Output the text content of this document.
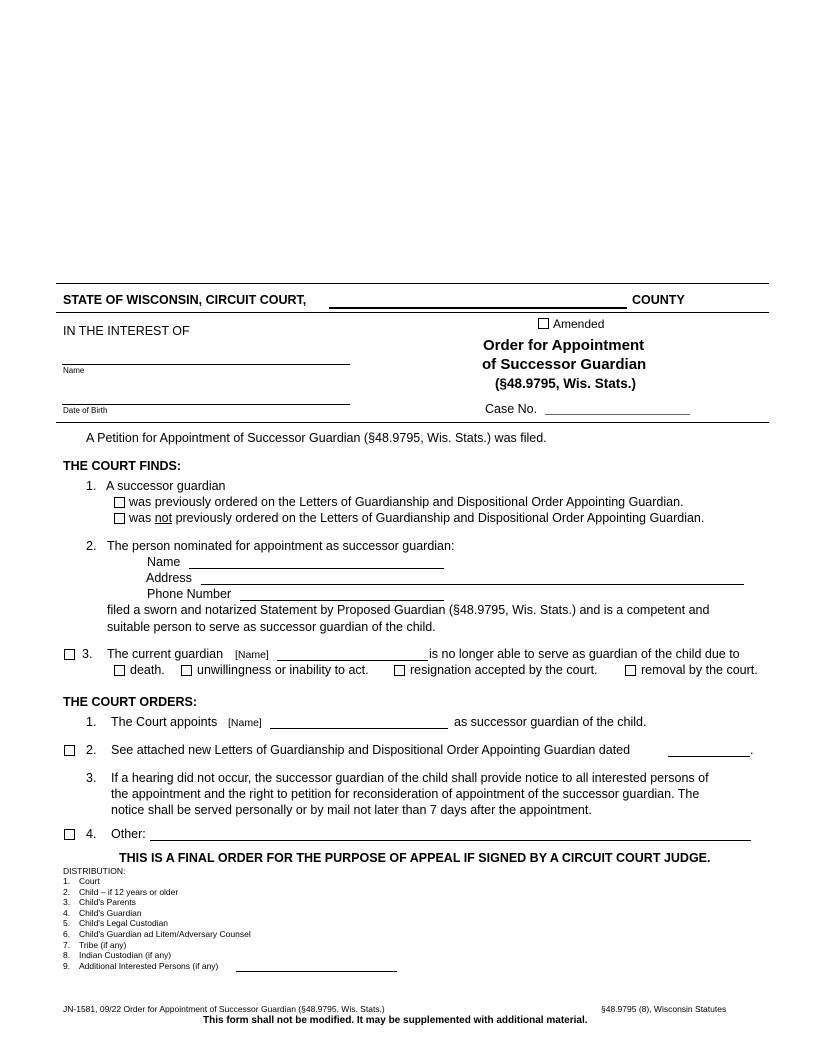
STATE OF WISCONSIN, CIRCUIT COURT,	COUNTY
IN THE INTEREST OF
Name
Date of Birth
Amended
Order for Appointment
of Successor Guardian
(§48.9795, Wis. Stats.)
Case No.
A Petition for Appointment of Successor Guardian (§48.9795, Wis. Stats.) was filed.
THE COURT FINDS:
1. A successor guardian
was previously ordered on the Letters of Guardianship and Dispositional Order Appointing Guardian.
was not previously ordered on the Letters of Guardianship and Dispositional Order Appointing Guardian.
2. The person nominated for appointment as successor guardian:
Name
Address
Phone Number
filed a sworn and notarized Statement by Proposed Guardian (§48.9795, Wis. Stats.) and is a competent and
suitable person to serve as successor guardian of the child.
3. The current guardian [Name]	is no longer able to serve as guardian of the child due to
death.	unwillingness or inability to act.	resignation accepted by the court.	removal by the court.
THE COURT ORDERS:
1. The Court appoints [Name]	as successor guardian of the child.
2. See attached new Letters of Guardianship and Dispositional Order Appointing Guardian dated	.
3. If a hearing did not occur, the successor guardian of the child shall provide notice to all interested persons of
the appointment and the right to petition for reconsideration of appointment of the successor guardian. The
notice shall be served personally or by mail not later than 7 days after the appointment.
4. Other:
THIS IS A FINAL ORDER FOR THE PURPOSE OF APPEAL IF SIGNED BY A CIRCUIT COURT JUDGE.
DISTRIBUTION:
1. Court
2. Child – if 12 years or older
3. Child's Parents
4. Child's Guardian
5. Child's Legal Custodian
6. Child's Guardian ad Litem/Adversary Counsel
7. Tribe (if any)
8. Indian Custodian (if any)
9. Additional Interested Persons (if any)
JN-1581, 09/22 Order for Appointment of Successor Guardian (§48.9795, Wis. Stats.)	§48.9795 (8), Wisconsin Statutes
This form shall not be modified. It may be supplemented with additional material.
